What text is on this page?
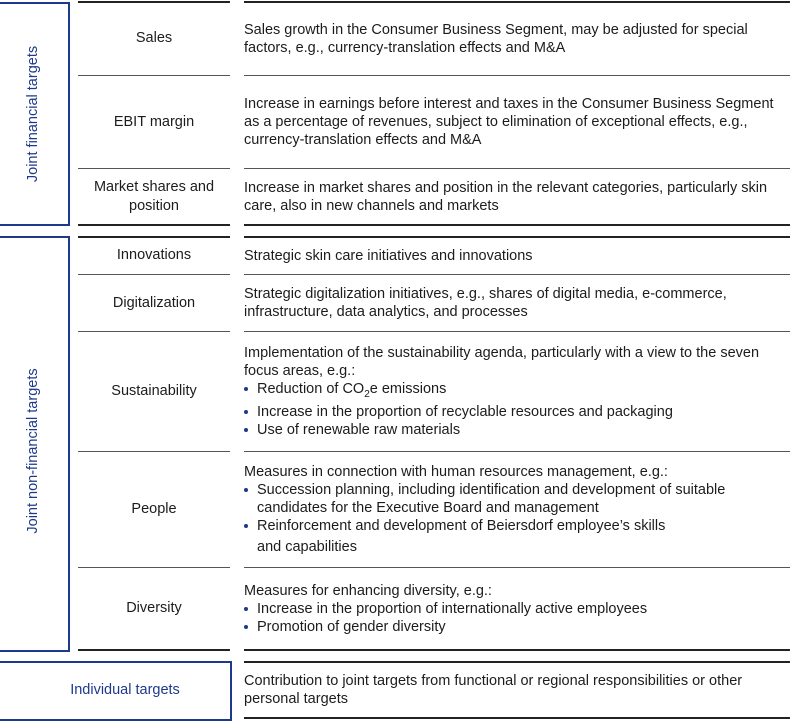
Joint financial targets
Joint non-financial targets
Individual targets
Sales

Sales growth in the Consumer Business Segment, may be adjusted for special factors, e.g., currency-translation effects and M&A

EBIT margin

Increase in earnings before interest and taxes in the Consumer Business Segment as a percentage of revenues, subject to elimination of exceptional effects, e.g., currency-translation effects and M&A

Market shares and position

Increase in market shares and position in the relevant categories, particularly skin care, also in new channels and markets

Innovations	Strategic skin care initiatives and innovations

Digitalization

Strategic digitalization initiatives, e.g., shares of digital media, e-commerce, infrastructure, data analytics, and processes

Sustainability

Implementation of the sustainability agenda, particularly with a view to the seven focus areas, e.g.:

Reduction of $CO_2e$ emissions

Increase in the proportion of recyclable resources and packaging

Use of renewable raw materials

People

Measures in connection with human resources management, e.g.:

Succession planning, including identification and development of suitable candidates for the Executive Board and management

Reinforcement and development of Beiersdorf employee’s skills
and capabilities

Diversity

Measures for enhancing diversity, e.g.:

Increase in the proportion of internationally active employees

Promotion of gender diversity

Contribution to joint targets from functional or regional responsibilities or other personal targets
